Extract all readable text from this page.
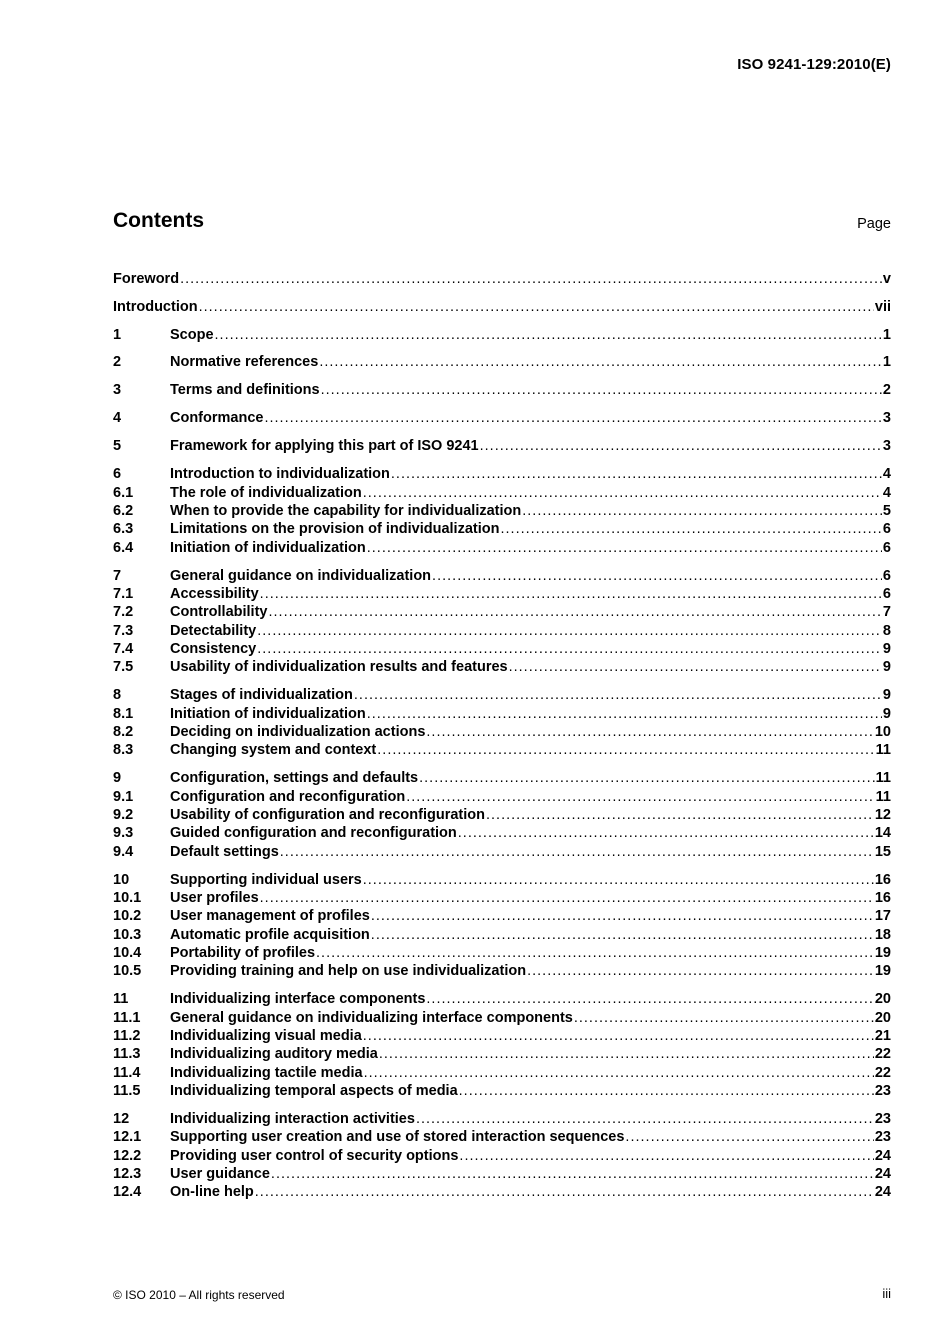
ISO 9241-129:2010(E)
Contents	Page
Foreword .....	v
Introduction .....	vii
1	Scope .....	1
2	Normative references .....	1
3	Terms and definitions .....	2
4	Conformance .....	3
5	Framework for applying this part of ISO 9241 .....	3
6	Introduction to individualization .....	4
6.1	The role of individualization .....	4
6.2	When to provide the capability for individualization .....	5
6.3	Limitations on the provision of individualization .....	6
6.4	Initiation of individualization .....	6
7	General guidance on individualization .....	6
7.1	Accessibility .....	6
7.2	Controllability .....	7
7.3	Detectability .....	8
7.4	Consistency .....	9
7.5	Usability of individualization results and features .....	9
8	Stages of individualization .....	9
8.1	Initiation of individualization .....	9
8.2	Deciding on individualization actions .....	10
8.3	Changing system and context .....	11
9	Configuration, settings and defaults .....	11
9.1	Configuration and reconfiguration .....	11
9.2	Usability of configuration and reconfiguration .....	12
9.3	Guided configuration and reconfiguration .....	14
9.4	Default settings .....	15
10	Supporting individual users .....	16
10.1	User profiles .....	16
10.2	User management of profiles .....	17
10.3	Automatic profile acquisition .....	18
10.4	Portability of profiles .....	19
10.5	Providing training and help on use individualization .....	19
11	Individualizing interface components .....	20
11.1	General guidance on individualizing interface components .....	20
11.2	Individualizing visual media .....	21
11.3	Individualizing auditory media .....	22
11.4	Individualizing tactile media .....	22
11.5	Individualizing temporal aspects of media .....	23
12	Individualizing interaction activities .....	23
12.1	Supporting user creation and use of stored interaction sequences .....	23
12.2	Providing user control of security options .....	24
12.3	User guidance .....	24
12.4	On-line help .....	24
© ISO 2010 – All rights reserved	iii
